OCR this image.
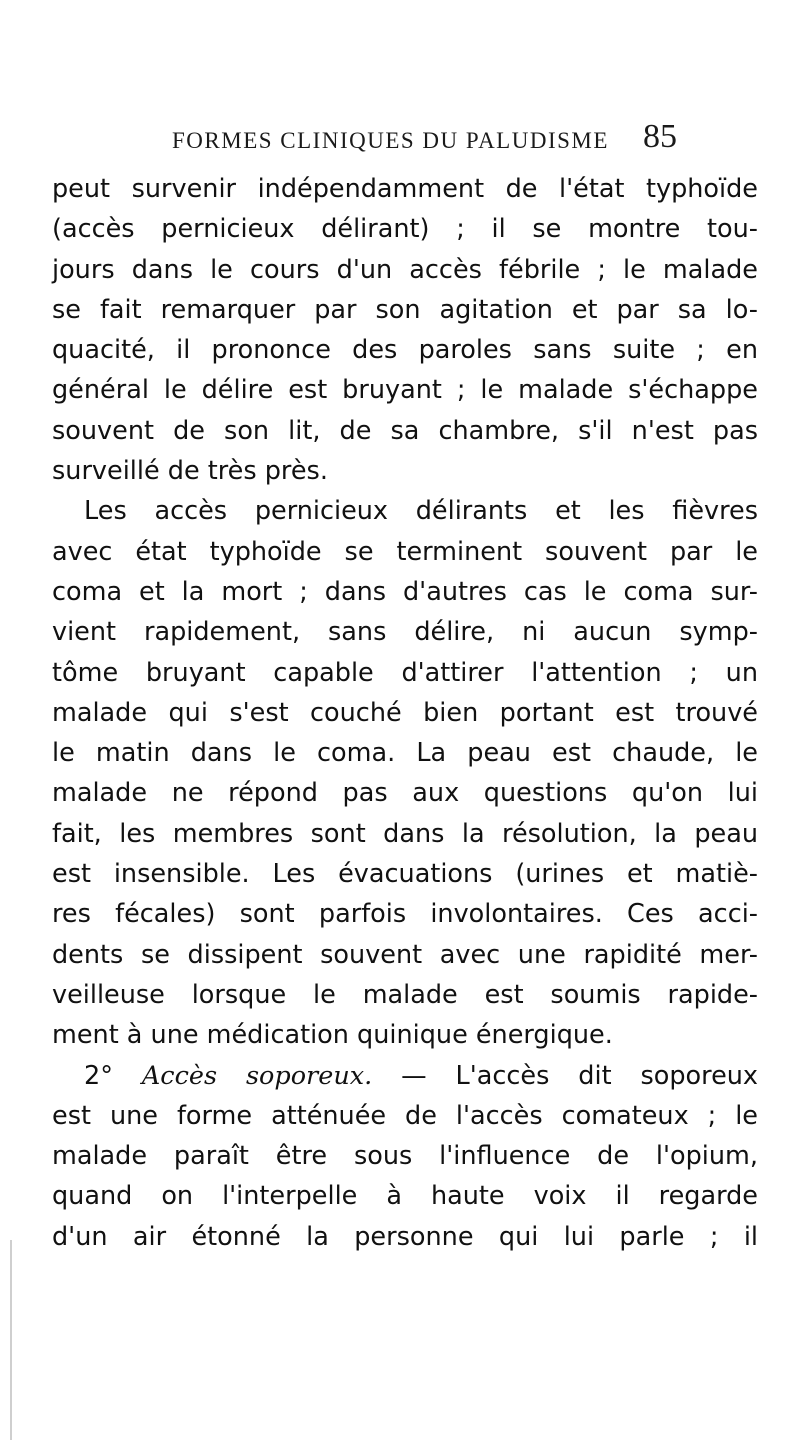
FORMES CLINIQUES DU PALUDISME 85
peut survenir indépendamment de l'état typhoïde
(accès pernicieux délirant) ; il se montre tou-
jours dans le cours d'un accès fébrile ; le malade
se fait remarquer par son agitation et par sa lo-
quacité, il prononce des paroles sans suite ; en
général le délire est bruyant ; le malade s'échappe
souvent de son lit, de sa chambre, s'il n'est pas
surveillé de très près.
Les accès pernicieux délirants et les fièvres
avec état typhoïde se terminent souvent par le
coma et la mort ; dans d'autres cas le coma sur-
vient rapidement, sans délire, ni aucun symp-
tôme bruyant capable d'attirer l'attention ; un
malade qui s'est couché bien portant est trouvé
le matin dans le coma. La peau est chaude, le
malade ne répond pas aux questions qu'on lui
fait, les membres sont dans la résolution, la peau
est insensible. Les évacuations (urines et matiè-
res fécales) sont parfois involontaires. Ces acci-
dents se dissipent souvent avec une rapidité mer-
veilleuse lorsque le malade est soumis rapide-
ment à une médication quinique énergique.
2° Accès soporeux. — L'accès dit soporeux
est une forme atténuée de l'accès comateux ; le
malade paraît être sous l'influence de l'opium,
quand on l'interpelle à haute voix il regarde
d'un air étonné la personne qui lui parle ; il
